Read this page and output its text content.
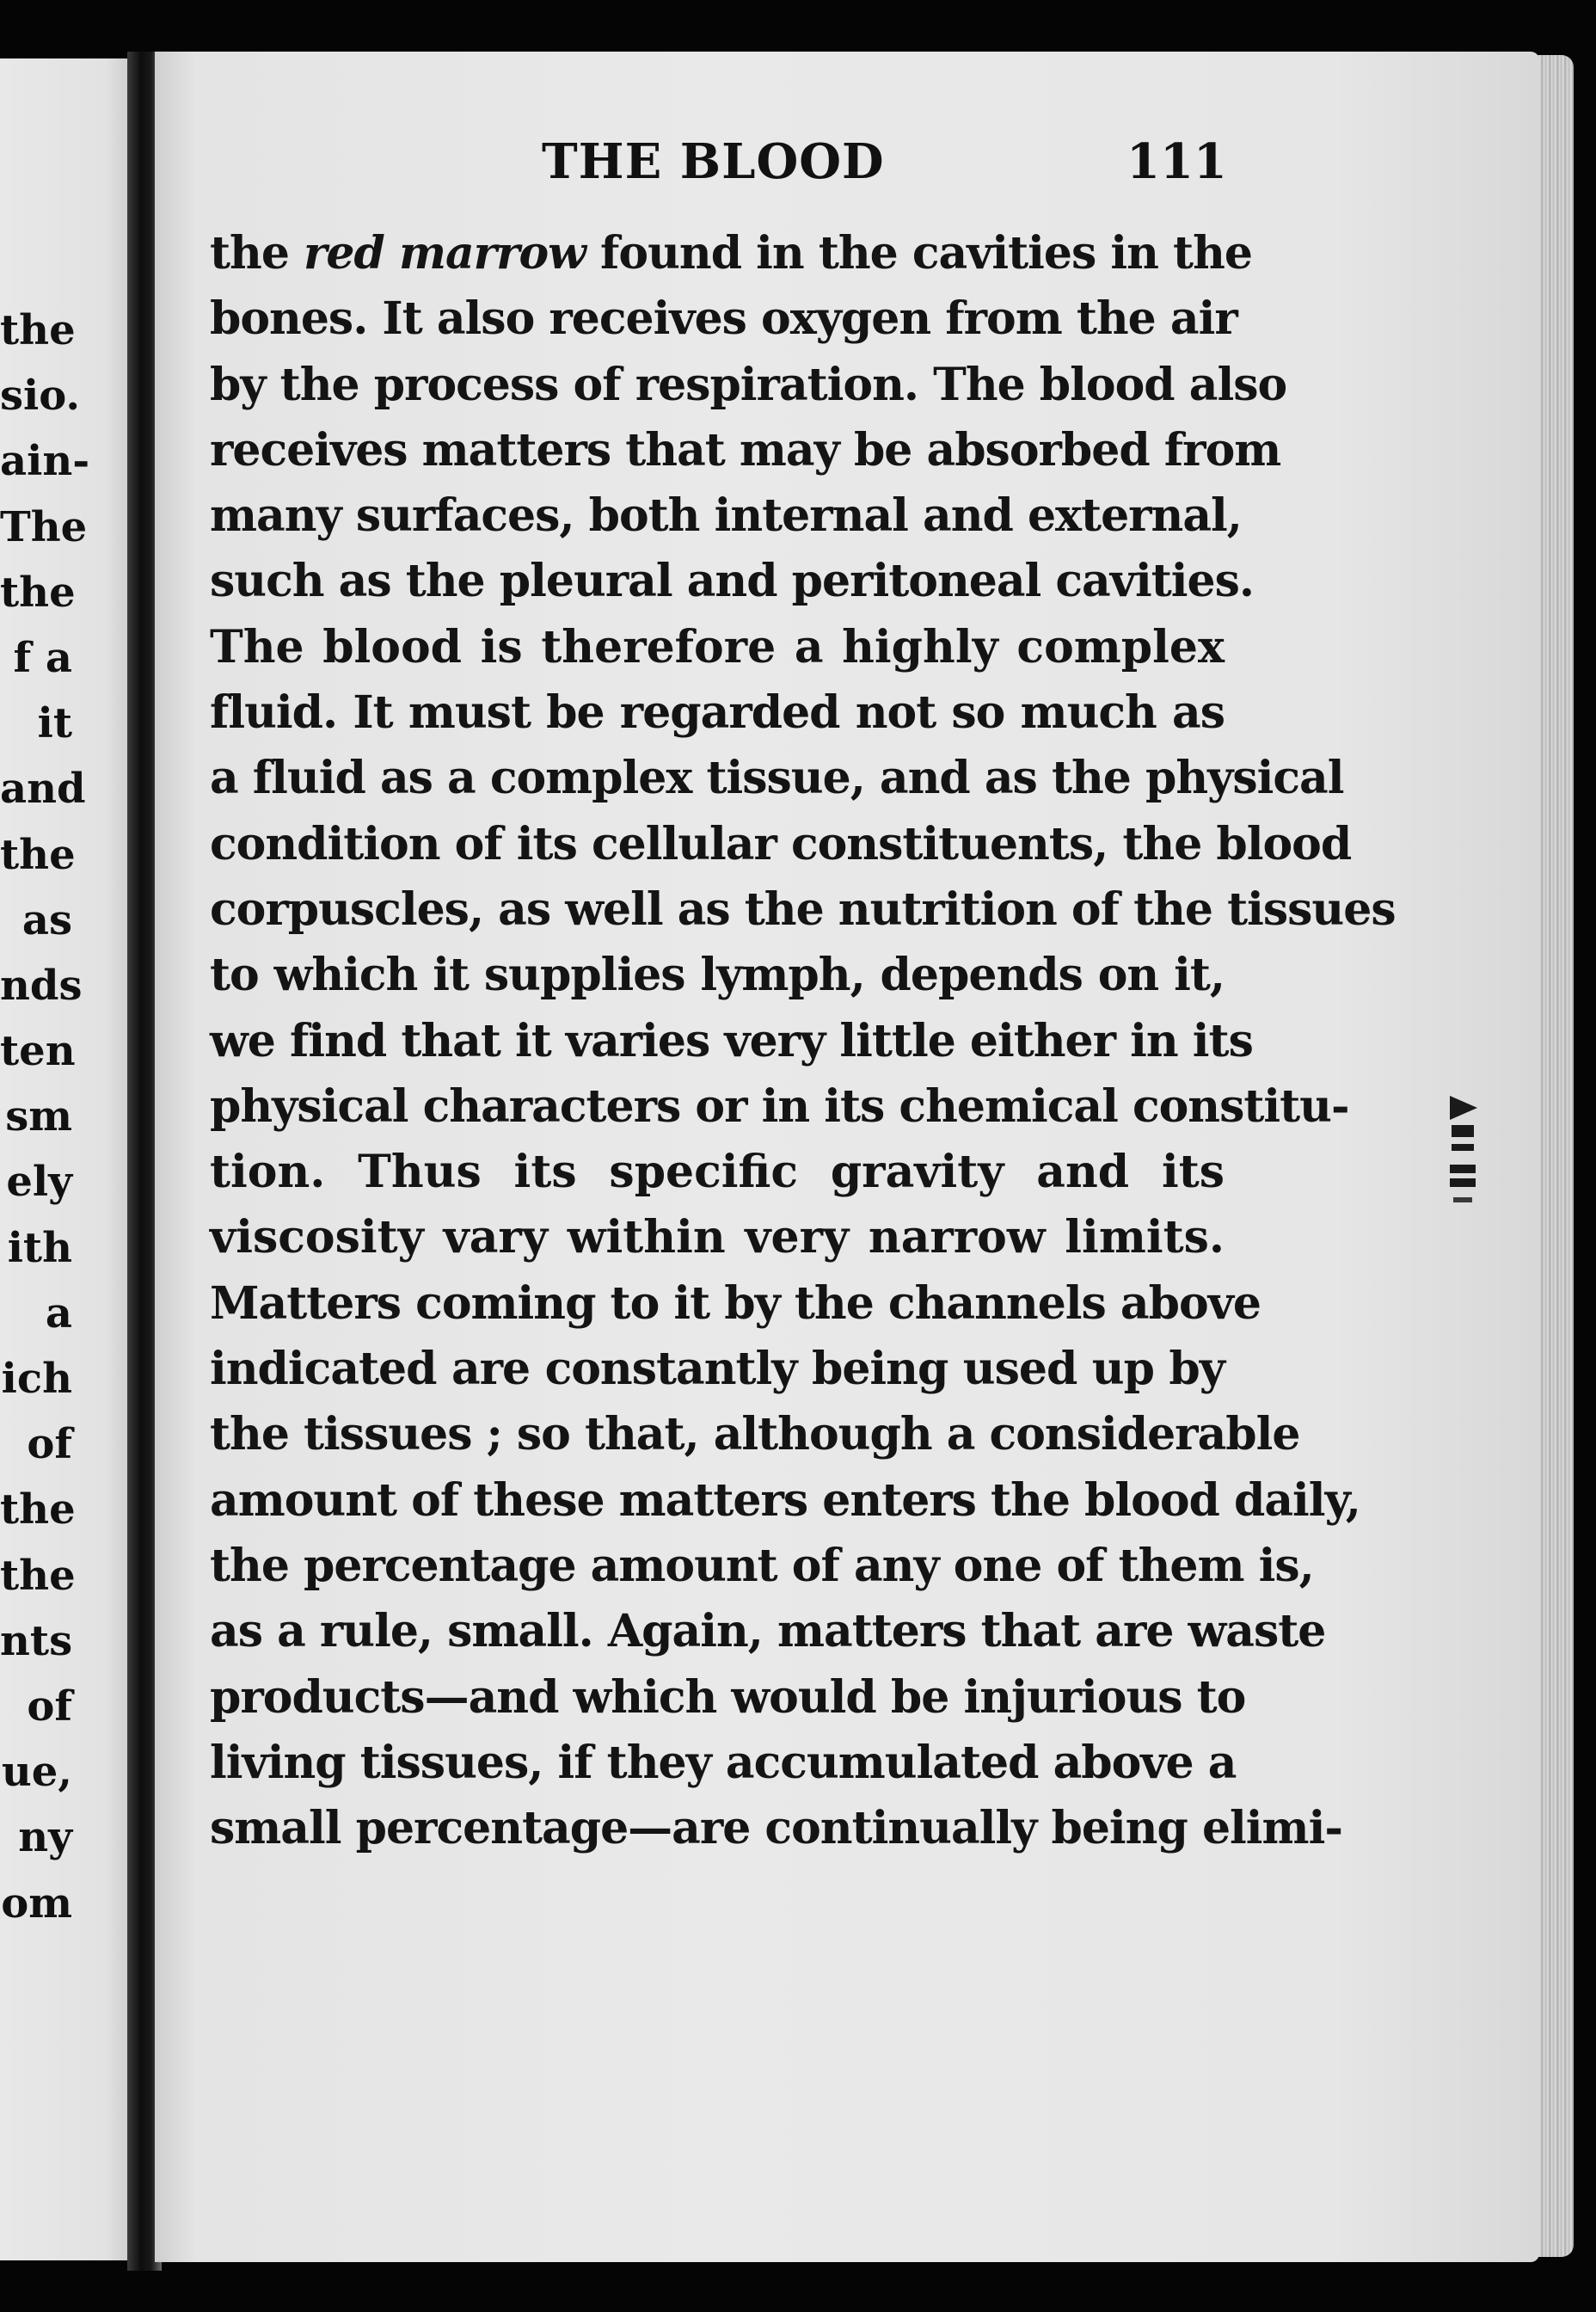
the
sio.
ain-
The
the
f a
it
and
the
as
nds
ten
sm
ely
ith
a
ich
of
the
the
nts
of
ue,
ny
om
THE BLOOD	111
the red marrow found in the cavities in the
bones. It also receives oxygen from the air
by the process of respiration. The blood also
receives matters that may be absorbed from
many surfaces, both internal and external,
such as the pleural and peritoneal cavities.
The blood is therefore a highly complex
fluid. It must be regarded not so much as
a fluid as a complex tissue, and as the physical
condition of its cellular constituents, the blood
corpuscles, as well as the nutrition of the tissues
to which it supplies lymph, depends on it,
we find that it varies very little either in its
physical characters or in its chemical constitu-
tion. Thus its specific gravity and its
viscosity vary within very narrow limits.
Matters coming to it by the channels above
indicated are constantly being used up by
the tissues ; so that, although a considerable
amount of these matters enters the blood daily,
the percentage amount of any one of them is,
as a rule, small. Again, matters that are waste
products—and which would be injurious to
living tissues, if they accumulated above a
small percentage—are continually being elimi-
